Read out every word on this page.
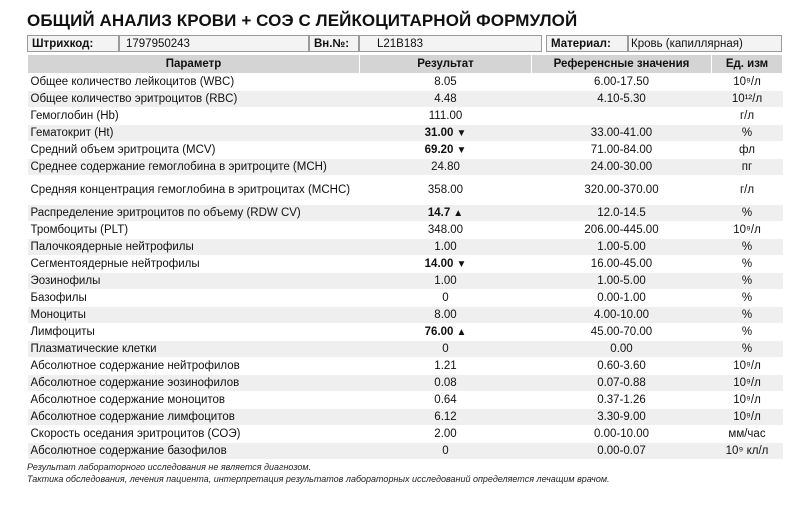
ОБЩИЙ АНАЛИЗ КРОВИ + СОЭ С ЛЕЙКОЦИТАРНОЙ ФОРМУЛОЙ
Штрихкод:	1797950243	Вн.№:	L21B183	Материал: Кровь (капиллярная)
Параметр	Результат	Референсные значения	Ед. изм
Общее количество лейкоцитов (WBC)	8.05	6.00-17.50	10⁹/л
Общее количество эритроцитов (RBC)	4.48	4.10-5.30	10¹²/л
Гемоглобин (Hb)	111.00		г/л
Гематокрит (Ht)	31.00 ▼	33.00-41.00	%
Средний объем эритроцита (MCV)	69.20 ▼	71.00-84.00	фл
Среднее содержание гемоглобина в эритроците (MCH)	24.80	24.00-30.00	пг
Средняя концентрация гемоглобина в эритроцитах (MCHC)	358.00	320.00-370.00	г/л
Распределение эритроцитов по объему (RDW CV)	14.7 ▲	12.0-14.5	%
Тромбоциты (PLT)	348.00	206.00-445.00	10⁹/л
Палочкоядерные нейтрофилы	1.00	1.00-5.00	%
Сегментоядерные нейтрофилы	14.00 ▼	16.00-45.00	%
Эозинофилы	1.00	1.00-5.00	%
Базофилы	0	0.00-1.00	%
Моноциты	8.00	4.00-10.00	%
Лимфоциты	76.00 ▲	45.00-70.00	%
Плазматические клетки	0	0.00	%
Абсолютное содержание нейтрофилов	1.21	0.60-3.60	10⁹/л
Абсолютное содержание эозинофилов	0.08	0.07-0.88	10⁹/л
Абсолютное содержание моноцитов	0.64	0.37-1.26	10⁹/л
Абсолютное содержание лимфоцитов	6.12	3.30-9.00	10⁹/л
Скорость оседания эритроцитов (СОЭ)	2.00	0.00-10.00	мм/час
Абсолютное содержание базофилов	0	0.00-0.07	10⁹ кл/л
Результат лабораторного исследования не является диагнозом.
Тактика обследования, лечения пациента, интерпретация результатов лабораторных исследований определяется лечащим врачом.
